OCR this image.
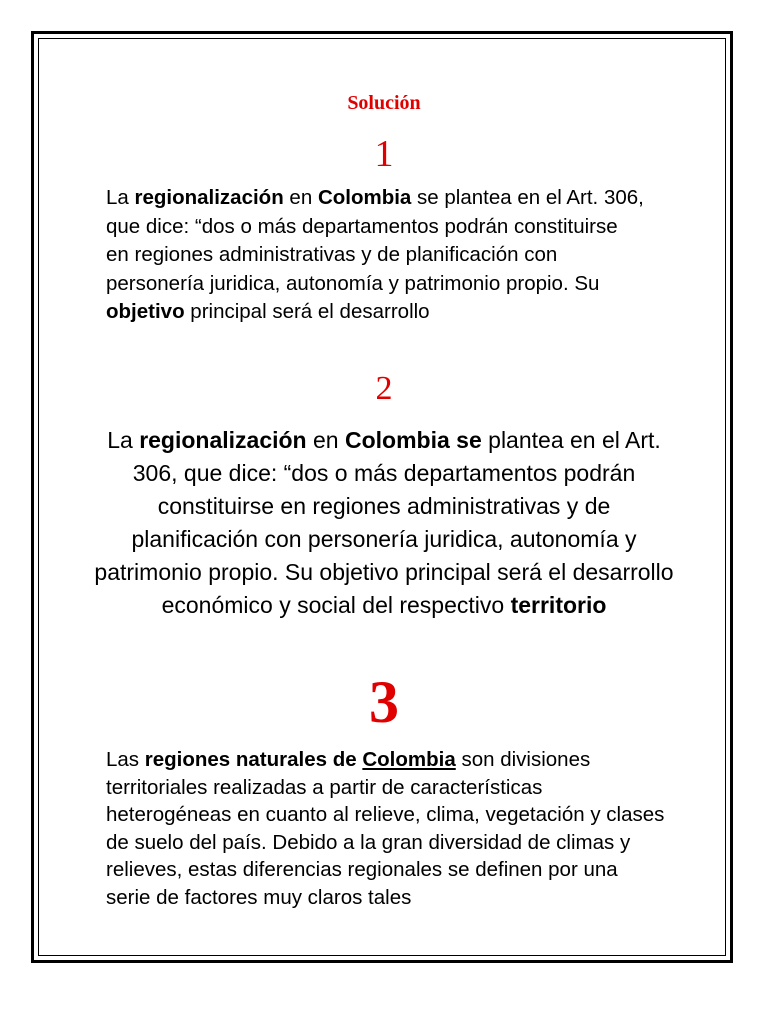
Solución
1

La regionalización en Colombia se plantea en el Art. 306, que dice: “dos o más departamentos podrán constituirse en regiones administrativas y de planificación con personería juridica, autonomía y patrimonio propio. Su objetivo principal será el desarrollo

2

La regionalización en Colombia se plantea en el Art. 306, que dice: “dos o más departamentos podrán constituirse en regiones administrativas y de planificación con personería juridica, autonomía y patrimonio propio. Su objetivo principal será el desarrollo económico y social del respectivo territorio

3

Las regiones naturales de Colombia son divisiones territoriales realizadas a partir de características heterogéneas en cuanto al relieve, clima, vegetación y clases de suelo del país. Debido a la gran diversidad de climas y relieves, estas diferencias regionales se definen por una serie de factores muy claros tales
